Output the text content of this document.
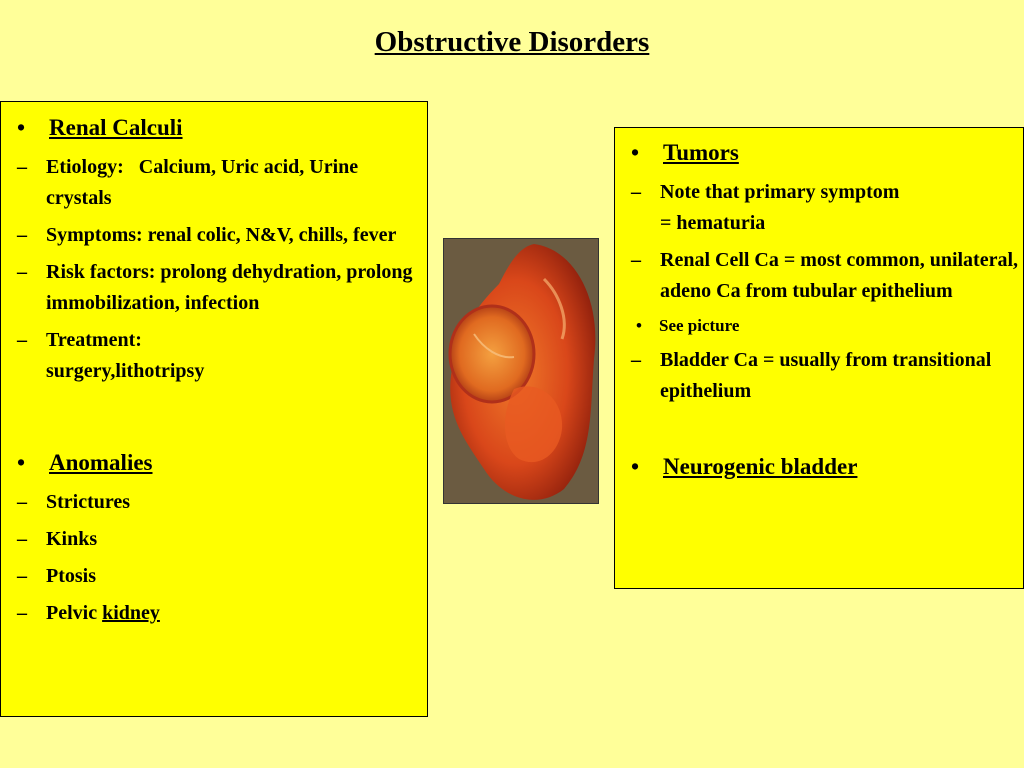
Obstructive Disorders
• Renal Calculi
– Etiology:   Calcium, Uric acid, Urine crystals
– Symptoms: renal colic, N&V, chills, fever
– Risk factors: prolong dehydration, prolong immobilization, infection
– Treatment: surgery,lithotripsy
• Anomalies
– Strictures
– Kinks
– Ptosis
– Pelvic kidney
• Tumors
– Note that primary symptom = hematuria
– Renal Cell Ca = most common, unilateral, adeno Ca from tubular epithelium
• See picture
– Bladder Ca = usually from transitional epithelium
• Neurogenic bladder
